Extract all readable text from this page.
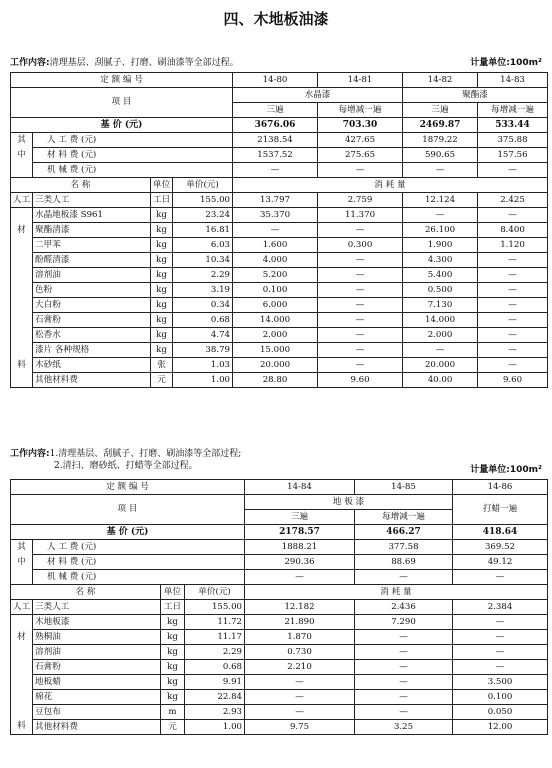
四、木地板油漆
工作内容:清理基层、刮腻子、打磨、刷油漆等全部过程。	计量单位:100m²
定 额 编 号				14-80	14-81	14-82	14-83
项 目				水晶漆		聚酯漆	
				三遍	每增减一遍	三遍	每增减一遍
基 价 (元)				3676.06	703.30	2469.87	533.44
其	人 工 费 (元)			2138.54	427.65	1879.22	375.88
中	材 料 费 (元)			1537.52	275.65	590.65	157.56
	机 械 费 (元)			—	—	—	—
名 称		单位	单价(元)	消 耗 量			
人工	三类人工	工日	155.00	13.797	2.759	12.124	2.425
	水晶地板漆 S961	kg	23.24	35.370	11.370	—	—
材	聚酯清漆	kg	16.81	—	—	26.100	8.400
	二甲苯	kg	6.03	1.600	0.300	1.900	1.120
	酚醛清漆	kg	10.34	4.000	—	4.300	—
	溶剂油	kg	2.29	5.200	—	5.400	—
	色粉	kg	3.19	0.100	—	0.500	—
	大白粉	kg	0.34	6.000	—	7.130	—
	石膏粉	kg	0.68	14.000	—	14.000	—
	松香水	kg	4.74	2.000	—	2.000	—
	漆片 各种规格	kg	38.79	15.000	—	—	—
料	木砂纸	张	1.03	20.000	—	20.000	—
	其他材料费	元	1.00	28.80	9.60	40.00	9.60
工作内容:1.清理基层、刮腻子、打磨、刷油漆等全部过程;
2.清扫、磨砂纸、打蜡等全部过程。	计量单位:100m²
定 额 编 号				14-84	14-85	14-86
项 目				地 板 漆		打蜡一遍
				三遍	每增减一遍	
基 价 (元)				2178.57	466.27	418.64
其	人 工 费 (元)			1888.21	377.58	369.52
中	材 料 费 (元)			290.36	88.69	49.12
	机 械 费 (元)			—	—	—
名 称		单位	单价(元)	消 耗 量		
人工	三类人工	工日	155.00	12.182	2.436	2.384
	木地板漆	kg	11.72	21.890	7.290	—
材	熟桐油	kg	11.17	1.870	—	—
	溶剂油	kg	2.29	0.730	—	—
	石膏粉	kg	0.68	2.210	—	—
	地板蜡	kg	9.91	—	—	3.500
	棉花	kg	22.84	—	—	0.100
	豆包布	m	2.93	—	—	0.050
料	其他材料费	元	1.00	9.75	3.25	12.00
